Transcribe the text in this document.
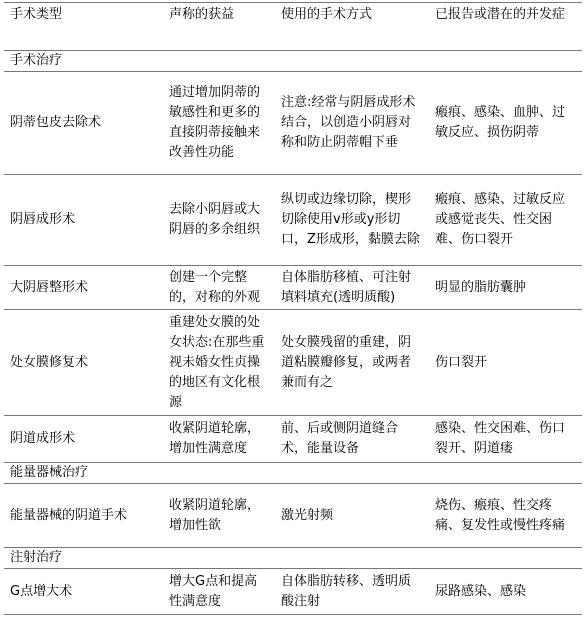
手术类型	声称的获益	使用的手术方式	已报告或潜在的并发症
手术治疗			
阴蒂包皮去除术	通过增加阴蒂的敏感性和更多的直接阴蒂接触来改善性功能	注意:经常与阴唇成形术结合，以创造小阴唇对称和防止阴蒂帽下垂	瘢痕、感染、血肿、过敏反应、损伤阴蒂
阴唇成形术	去除小阴唇或大阴唇的多余组织	纵切或边缘切除，楔形切除使用v形或y形切口，Z形成形，黏膜去除	瘢痕、感染、过敏反应或感觉丧失、性交困难、伤口裂开
大阴唇整形术	创建一个完整的，对称的外观	自体脂肪移植、可注射填料填充(透明质酸)	明显的脂肪囊肿
处女膜修复术	重建处女膜的处女状态:在那些重视未婚女性贞操的地区有文化根源	处女膜残留的重建，阴道粘膜瓣修复，或两者兼而有之	伤口裂开
阴道成形术	收紧阴道轮廓，增加性满意度	前、后或侧阴道缝合术，能量设备	感染、性交困难、伤口裂开、阴道瘘
能量器械治疗			
能量器械的阴道手术	收紧阴道轮廓，增加性欲	激光射频	烧伤、瘢痕、性交疼痛、复发性或慢性疼痛
注射治疗			
G点增大术	增大G点和提高性满意度	自体脂肪转移、透明质酸注射	尿路感染、感染
